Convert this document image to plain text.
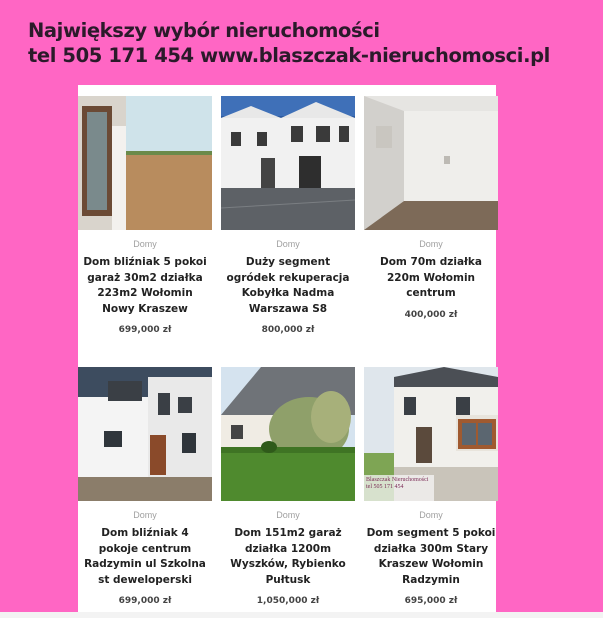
Największy wybór nieruchomości
tel 505 171 454 www.blaszczak-nieruchomosci.pl
Domy
Dom bliźniak 5 pokoi garaż 30m2 działka 223m2 Wołomin Nowy Kraszew
699,000 zł
Domy
Duży segment ogródek rekuperacja Kobyłka Nadma Warszawa S8
800,000 zł
Domy
Dom 70m działka 220m Wołomin centrum
400,000 zł
Domy
Dom bliźniak 4 pokoje centrum Radzymin ul Szkolna st deweloperski
699,000 zł
Domy
Dom 151m2 garaż działka 1200m Wyszków, Rybienko Pułtusk
1,050,000 zł
Blaszczak Nieruchomości
tel 505 171 454
Domy
Dom segment 5 pokoi działka 300m Stary Kraszew Wołomin Radzymin
695,000 zł
